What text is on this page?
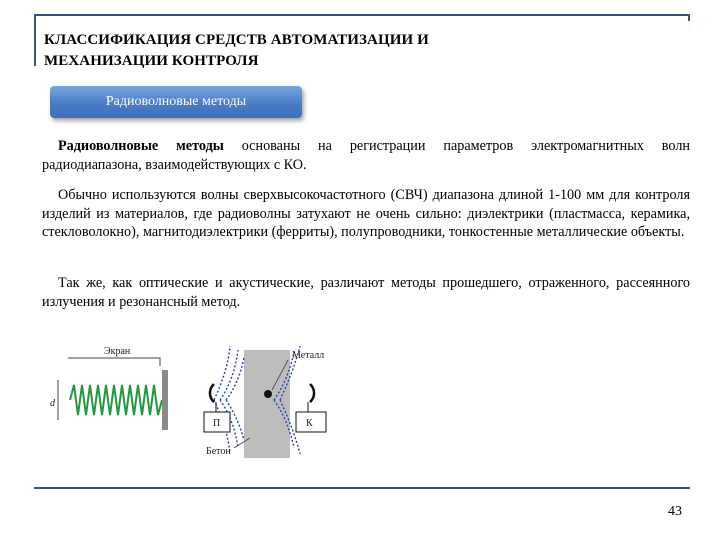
КЛАССИФИКАЦИЯ СРЕДСТВ АВТОМАТИЗАЦИИ И
МЕХАНИЗАЦИИ КОНТРОЛЯ
Радиоволновые методы

Радиоволновые методы основаны на регистрации параметров электромагнитных волн радиодиапазона, взаимодействующих с КО.

Обычно используются волны сверхвысокочастотного (СВЧ) диапазона длиной 1-100 мм для контроля изделий из материалов, где радиоволны затухают не очень сильно: диэлектрики (пластмасса, керамика, стекловолокно), магнитодиэлектрики (ферриты), полупроводники, тонкостенные металлические объекты.

Так же, как оптические и акустические, различают методы прошедшего, отраженного, рассеянного излучения и резонансный метод.

Экран
d
Металл
П	К
Бетон
43
